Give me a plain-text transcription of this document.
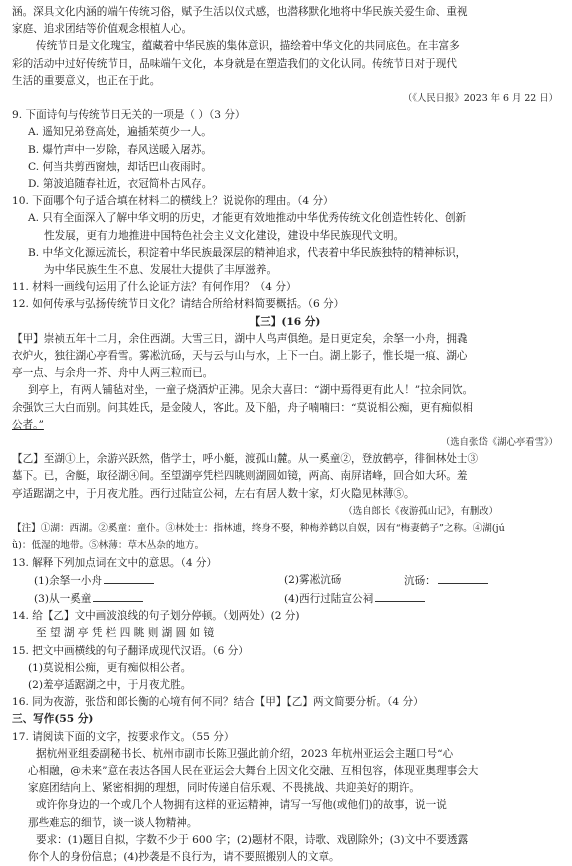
涵。深具文化内涵的端午传统习俗，赋予生活以仪式感，也潜移默化地将中华民族关爱生命、重视

家庭、追求团结等价值观念根植人心。

传统节日是文化瑰宝，蕴藏着中华民族的集体意识，描绘着中华文化的共同底色。在丰富多

彩的活动中过好传统节日，品味端午文化，本身就是在塑造我们的文化认同。传统节日对于现代

生活的重要意义，也正在于此。

（《人民日报》2023 年 6 月 22 日）

9. 下面诗句与传统节日无关的一项是（ ）（3 分）

A. 遥知兄弟登高处，遍插茱萸少一人。

B. 爆竹声中一岁除，春风送暖入屠苏。

C. 何当共剪西窗烛，却话巴山夜雨时。

D. 第波追随春社近，衣冠简朴古风存。

10. 下面哪个句子适合填在材料二的横线上？说说你的理由。（4 分）

A. 只有全面深入了解中华文明的历史，才能更有效地推动中华优秀传统文化创造性转化、创新

性发展，更有力地推进中国特色社会主义文化建设，建设中华民族现代文明。

B. 中华文化源远流长，积淀着中华民族最深层的精神追求，代表着中华民族独特的精神标识，

为中华民族生生不息、发展壮大提供了丰厚滋养。

11. 材料一画线句运用了什么论证方法？有何作用？（4 分）

12. 如何传承与弘扬传统节日文化？请结合所给材料简要概括。（6 分）

【三】(16 分)

【甲】崇祯五年十二月，余住西湖。大雪三日，湖中人鸟声俱绝。是日更定矣，余拏一小舟，拥毳

衣炉火，独往湖心亭看雪。雾凇沆砀，天与云与山与水，上下一白。湖上影子，惟长堤一痕、湖心

亭一点、与余舟一芥、舟中人两三粒而已。

到亭上，有两人铺毡对坐，一童子烧酒炉正沸。见余大喜曰：“湖中焉得更有此人！”拉余同饮。

余强饮三大白而别。问其姓氏，是金陵人，客此。及下船，舟子喃喃曰：“莫说相公痴，更有痴似相

公者。”

（选自张岱《湖心亭看雪》）

【乙】至湖①上，余游兴跃然，偕学士，呼小艇，渡孤山麓。从一奚童②，登放鹤亭，徘徊林处士③

墓下。已，舍艇，取径湖④间。至望湖亭凭栏四眺则湖圆如镜，两高、南屏诸峰，回合如大环。羞

亭适踞湖之中，于月夜尤胜。西行过陆宣公祠，左右有居人数十家，灯火隐见林薄⑤。

（选自郎长《夜游孤山记》，有删改）

【注】①湖：西湖。②奚童：童仆。③林处士：指林逋，终身不娶，种梅养鹤以自娱，因有“梅妻鹤子”之称。④湖(jú

ǜ)：低湿的地带。⑤林薄：草木丛杂的地方。

13. 解释下列加点词在文中的意思。（4 分）

(1)余拏一小舟	(2)雾凇沆砀	沆砀：
(3)从一奚童	(4)西行过陆宣公祠

14. 给【乙】文中画波浪线的句子划分停顿。（划两处）(2 分)

至 望 湖 亭 凭 栏 四 眺 则 湖 圆 如 镜

15. 把文中画横线的句子翻译成现代汉语。（6 分）

(1)莫说相公痴，更有痴似相公者。

(2)羞亭适踞湖之中，于月夜尤胜。

16. 同为夜游，张岱和郎长衡的心境有何不同？结合【甲】【乙】两文简要分析。（4 分）

三、写作(55 分)

17. 请阅读下面的文字，按要求作文。（55 分）

据杭州亚组委副秘书长、杭州市副市长陈卫强此前介绍，2023 年杭州亚运会主题口号“心

心相融，@未来”意在表达各国人民在亚运会大舞台上因文化交融、互相包容，体现亚奥理事会大

家庭团结向上、紧密相拥的理想，同时传递自信乐观、不畏挑战、共迎美好的期许。

或许你身边的一个或几个人物拥有这样的亚运精神，请写一写他(或他们)的故事，说一说

那些难忘的细节，谈一谈人物精神。

要求：(1)题目自拟，字数不少于 600 字；(2)题材不限，诗歌、戏剧除外；(3)文中不要透露

你个人的身份信息；(4)抄袭是不良行为，请不要照搬别人的文章。
